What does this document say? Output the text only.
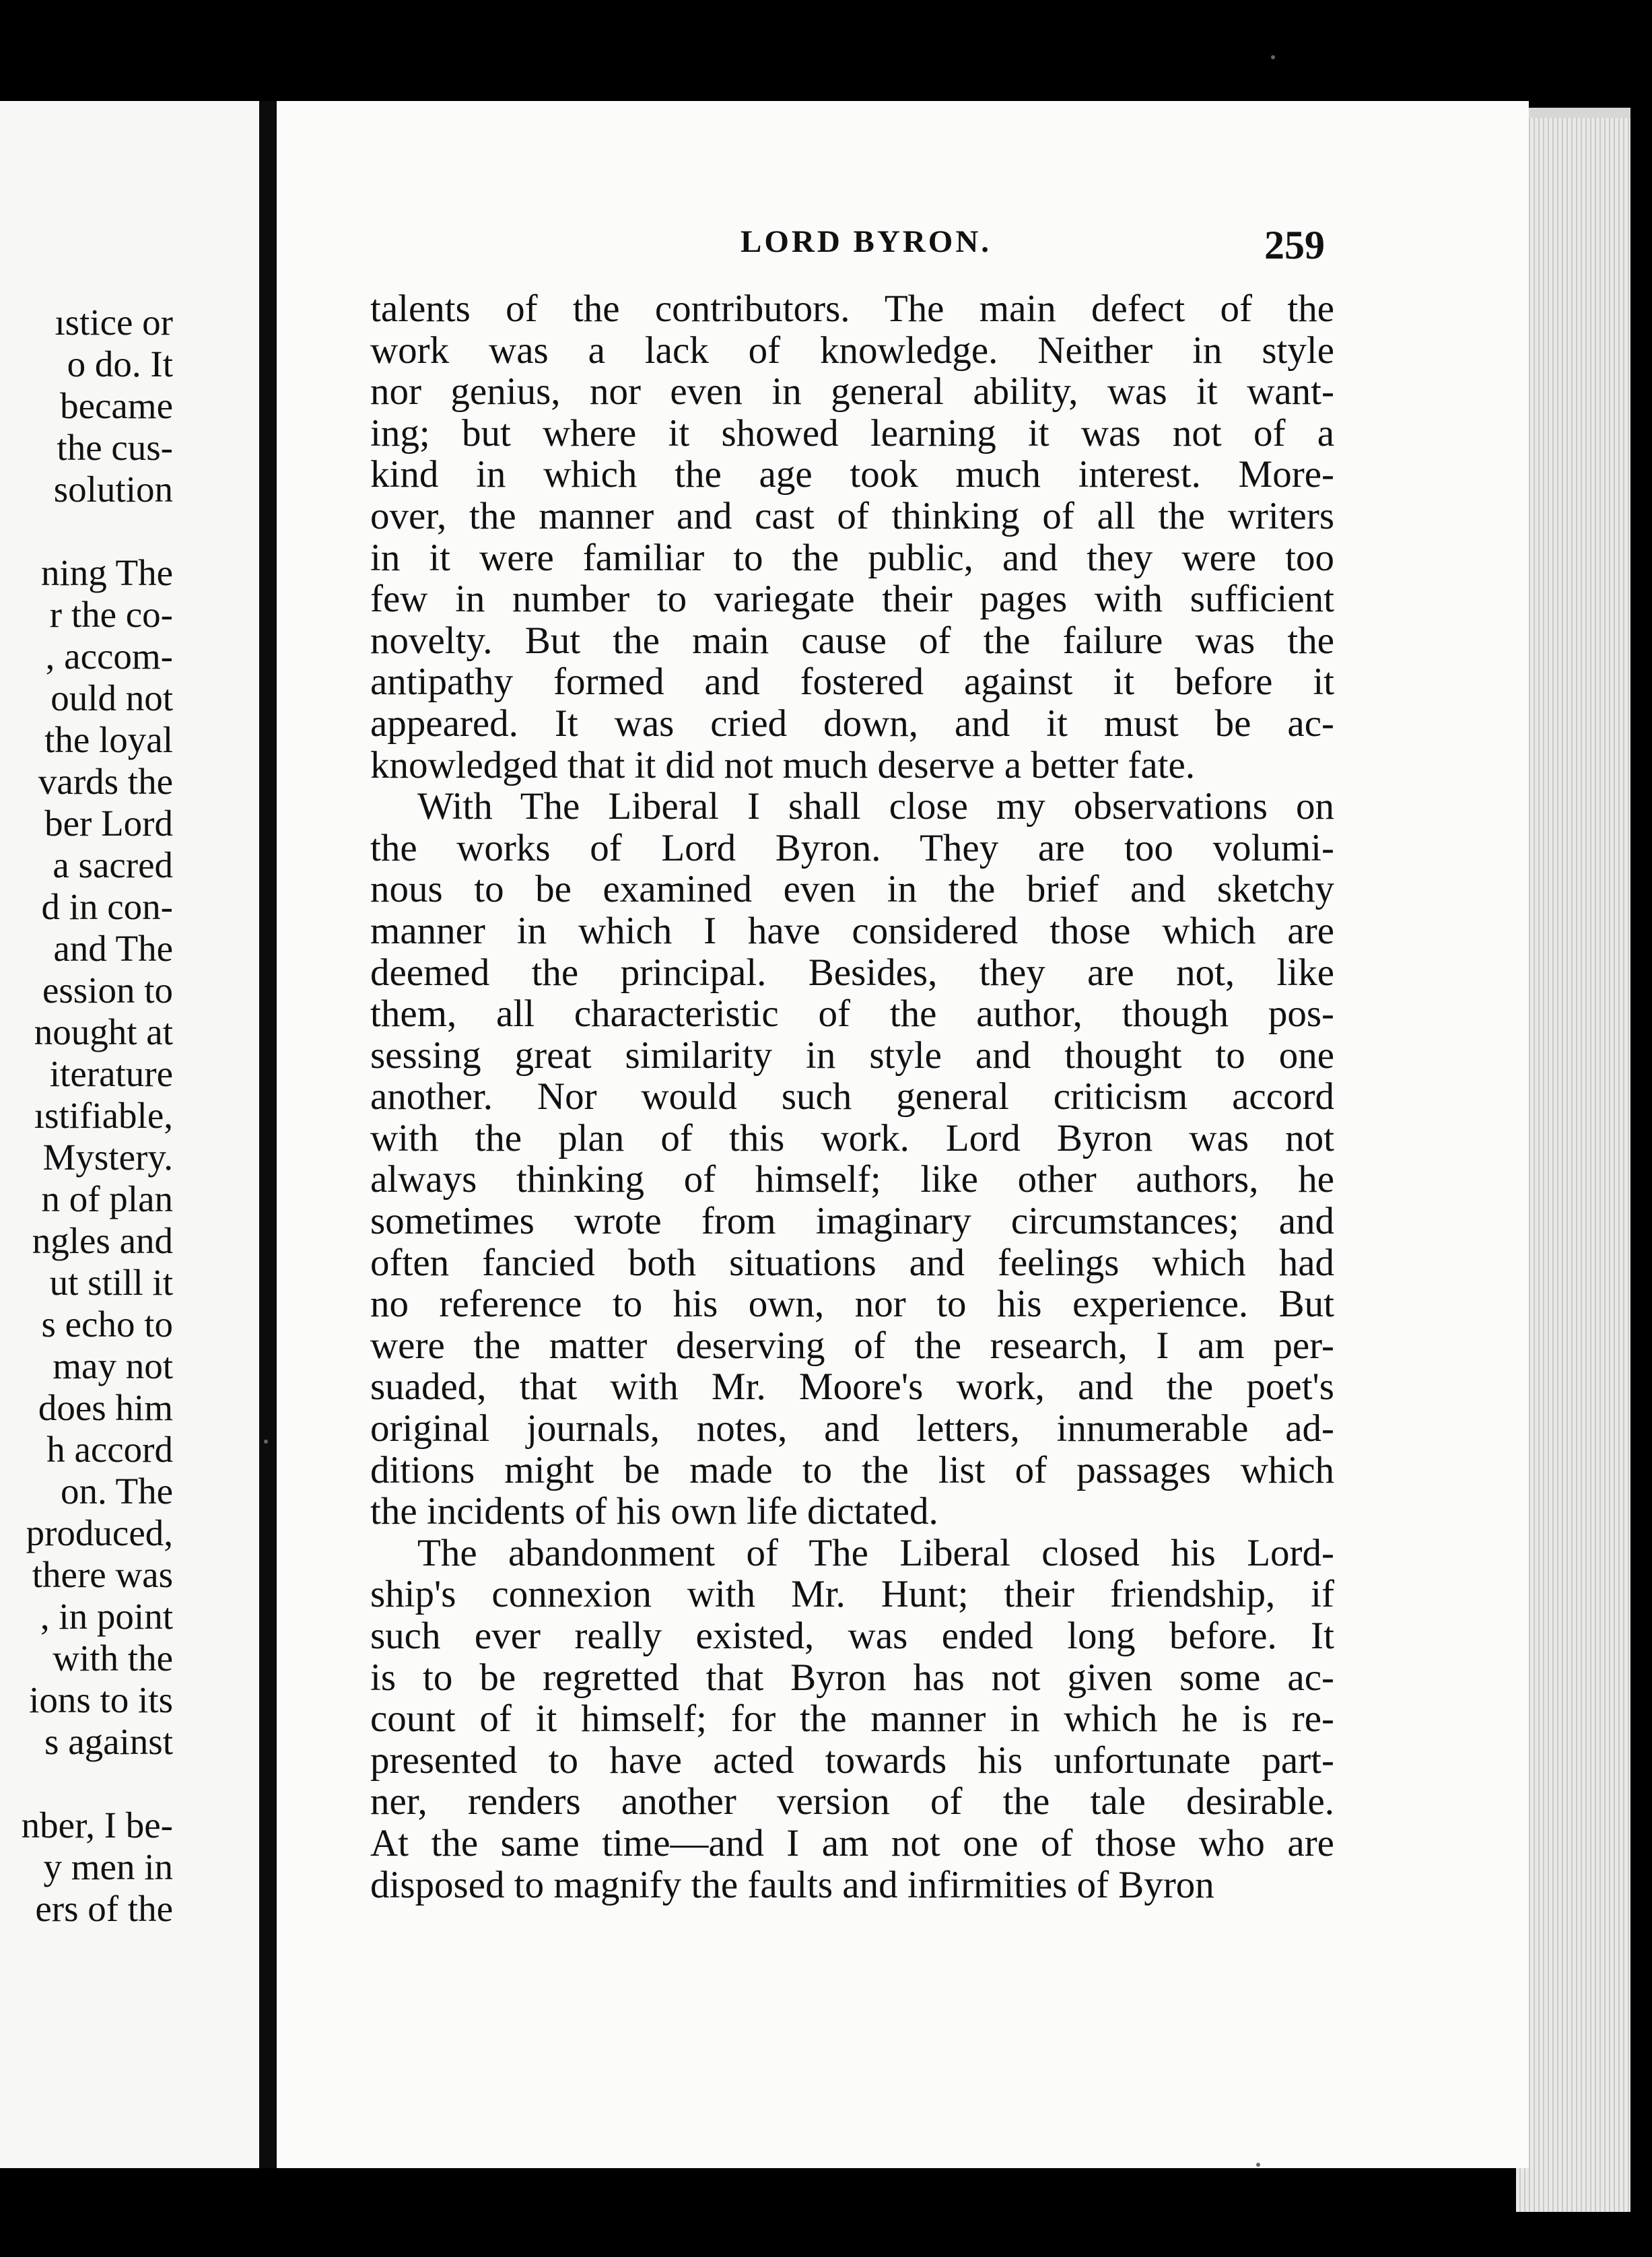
ıstice or
o do. It
became
the cus-
solution
ning The
r the co-
, accom-
ould not
the loyal
vards the
ber Lord
a sacred
d in con-
and The
ession to
nought at
iterature
ıstifiable,
Mystery.
n of plan
ngles and
ut still it
s echo to
may not
does him
h accord
on. The
produced,
there was
, in point
with the
ions to its
s against
nber, I be-
y men in
ers of the
LORD BYRON.	259
talents of the contributors. The main defect of the
work was a lack of knowledge. Neither in style
nor genius, nor even in general ability, was it want-
ing; but where it showed learning it was not of a
kind in which the age took much interest. More-
over, the manner and cast of thinking of all the writers
in it were familiar to the public, and they were too
few in number to variegate their pages with sufficient
novelty. But the main cause of the failure was the
antipathy formed and fostered against it before it
appeared. It was cried down, and it must be ac-
knowledged that it did not much deserve a better fate.
With The Liberal I shall close my observations on
the works of Lord Byron. They are too volumi-
nous to be examined even in the brief and sketchy
manner in which I have considered those which are
deemed the principal. Besides, they are not, like
them, all characteristic of the author, though pos-
sessing great similarity in style and thought to one
another. Nor would such general criticism accord
with the plan of this work. Lord Byron was not
always thinking of himself; like other authors, he
sometimes wrote from imaginary circumstances; and
often fancied both situations and feelings which had
no reference to his own, nor to his experience. But
were the matter deserving of the research, I am per-
suaded, that with Mr. Moore's work, and the poet's
original journals, notes, and letters, innumerable ad-
ditions might be made to the list of passages which
the incidents of his own life dictated.
The abandonment of The Liberal closed his Lord-
ship's connexion with Mr. Hunt; their friendship, if
such ever really existed, was ended long before. It
is to be regretted that Byron has not given some ac-
count of it himself; for the manner in which he is re-
presented to have acted towards his unfortunate part-
ner, renders another version of the tale desirable.
At the same time—and I am not one of those who are
disposed to magnify the faults and infirmities of Byron
